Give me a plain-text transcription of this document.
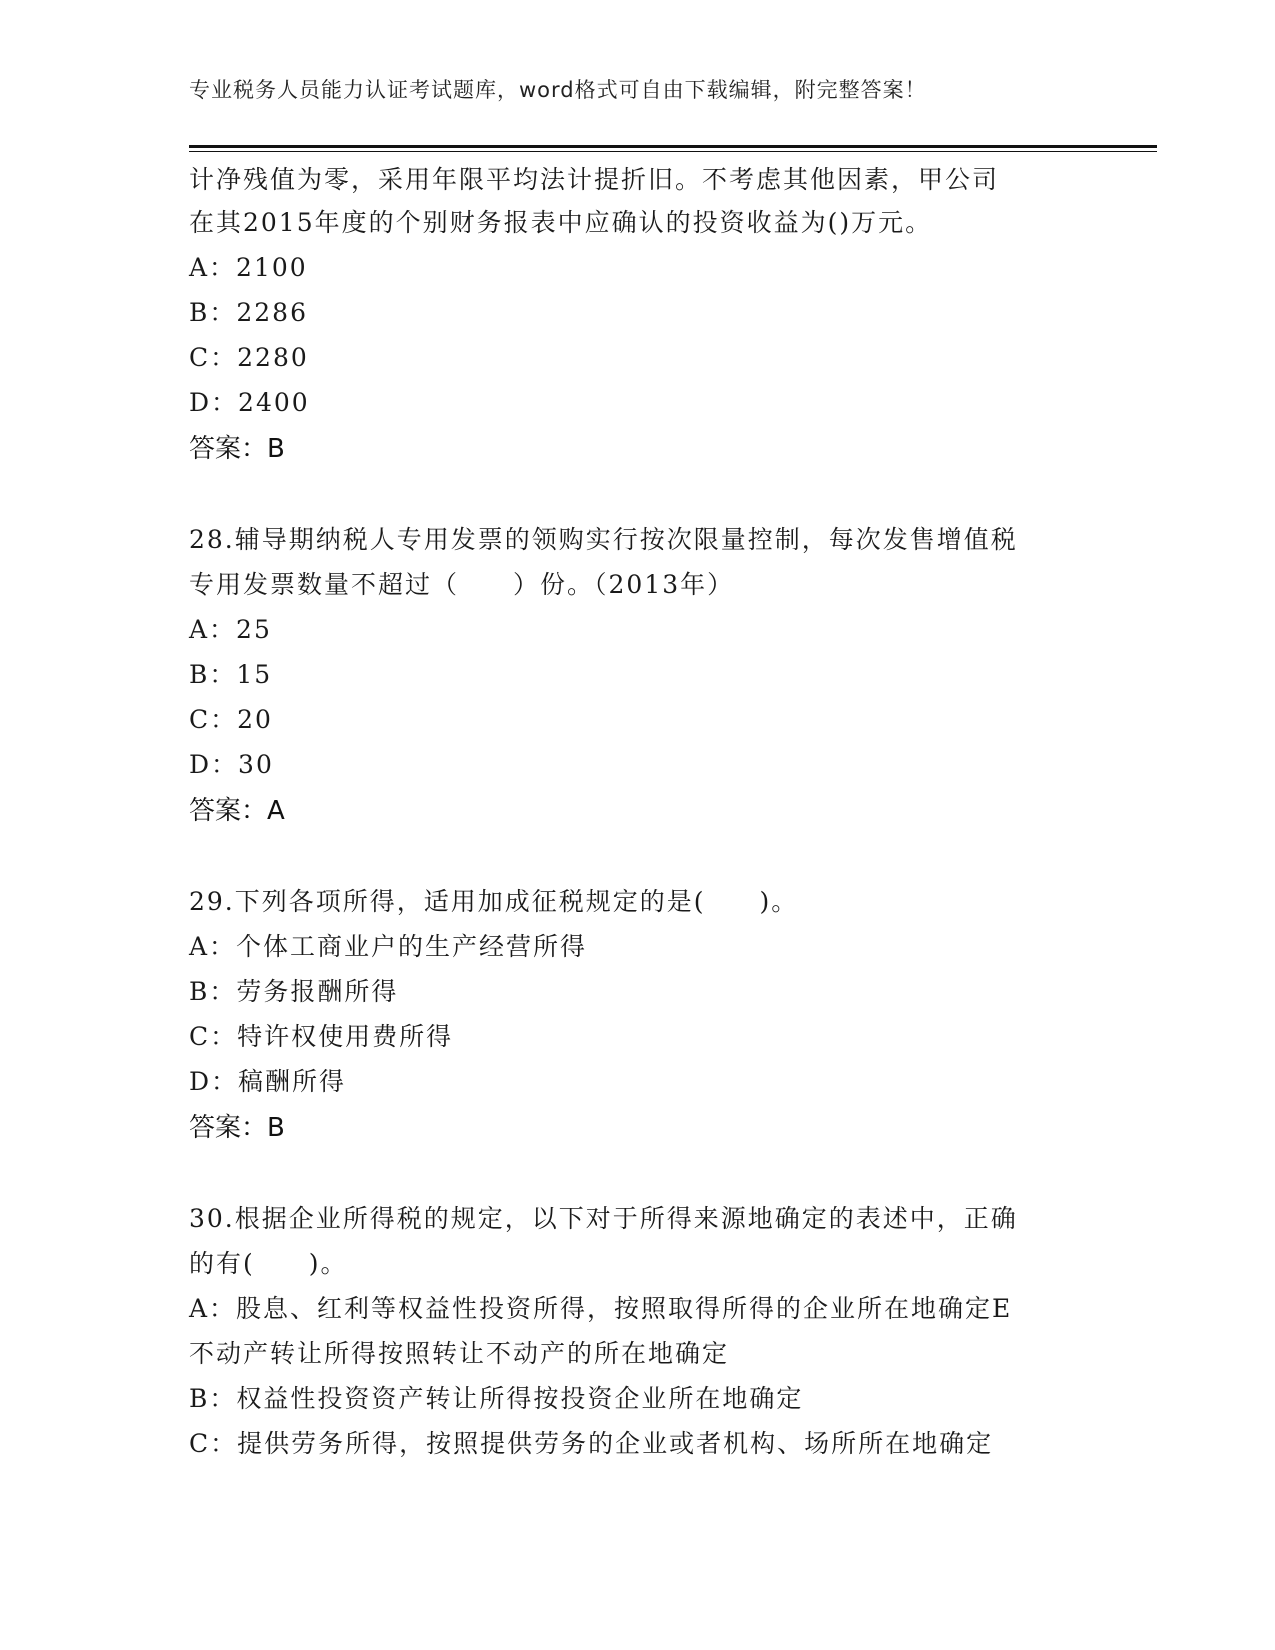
专业税务人员能力认证考试题库，word格式可自由下载编辑，附完整答案！
计净残值为零，采用年限平均法计提折旧。不考虑其他因素，甲公司
在其2015年度的个别财务报表中应确认的投资收益为()万元。
A：2100
B：2286
C：2280
D：2400
答案：B
28.辅导期纳税人专用发票的领购实行按次限量控制，每次发售增值税
专用发票数量不超过（　　）份。（2013年）
A：25
B：15
C：20
D：30
答案：A
29.下列各项所得，适用加成征税规定的是(　　)。
A：个体工商业户的生产经营所得
B：劳务报酬所得
C：特许权使用费所得
D：稿酬所得
答案：B
30.根据企业所得税的规定，以下对于所得来源地确定的表述中，正确
的有(　　)。
A：股息、红利等权益性投资所得，按照取得所得的企业所在地确定E
不动产转让所得按照转让不动产的所在地确定
B：权益性投资资产转让所得按投资企业所在地确定
C：提供劳务所得，按照提供劳务的企业或者机构、场所所在地确定
